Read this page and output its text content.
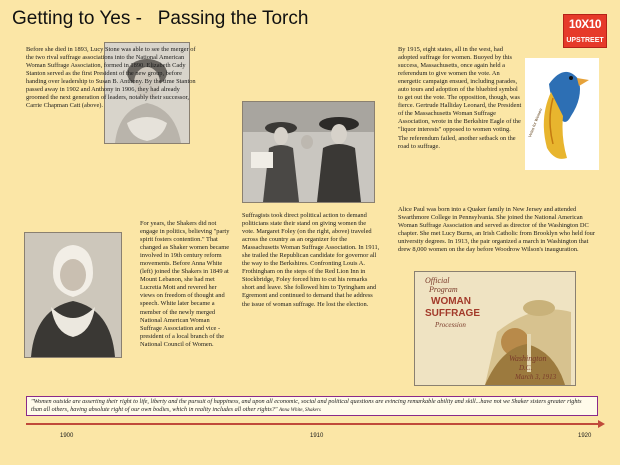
Getting to Yes -   Passing the Torch	10X10
UPSTREET
Before she died in 1893, Lucy Stone was able to see the merger of the two rival suffrage associations into the National American Woman Suffrage Association, formed in 1890. Elizabeth Cady Stanton served as the first President of the new group, before handing over leadership to Susan B. Anthony. By the time Stanton passed away in 1902 and Anthony in 1906, they had already groomed the next generation of leaders, notably their successor, Carrie Chapman Catt (above).
Votes for Women
By 1915, eight states, all in the west, had adopted suffrage for women. Buoyed by this success, Massachusetts, once again held a referendum to give women the vote. An energetic campaign ensued, including parades, auto tours and adoption of the bluebird symbol to get out the vote. The opposition, though, was fierce. Gertrude Halliday Leonard, the President of the Massachusetts Woman Suffrage Association, wrote in the Berkshire Eagle of the "liquor interests" opposed to women voting. The referendum failed, another setback on the road to suffrage.
For years, the Shakers did not engage in politics, believing "party spirit fosters contention." That changed as Shaker women became involved in 19th century reform movements. Before Anna White (left) joined the Shakers in 1849 at Mount Lebanon, she had met Lucretia Mott and revered her views on freedom of thought and speech. White later became a member of the newly merged National American Woman Suffrage Association and vice -president of a local branch of the National Council of Women.
Suffragists took direct political action to demand politicians state their stand on giving women the vote. Margaret Foley (on the right, above) traveled across the country as an organizer for the Massachusetts Woman Suffrage Association. In 1911, she trailed the Republican candidate for governor all the way to the Berkshires. Confronting Louis A. Frothingham on the steps of the Red Lion Inn in Stockbridge, Foley forced him to cut his remarks short and leave. She followed him to Tyringham and Egremont and continued to demand that he address the issue of woman suffrage. He lost the election.
Alice Paul was born into a Quaker family in New Jersey and attended Swarthmore College in Pennsylvania. She joined the National American Woman Suffrage Association and served as director of the Washington DC chapter. She met Lucy Burns, an Irish Catholic from Brooklyn who held four university degrees. In 1913, the pair organized a march in Washington that drew 8,000 women on the day before Woodrow Wilson's inauguration.
Official
Program
WOMAN
SUFFRAGE
Procession
Washington
D.C.
March 3, 1913
"Women outside are asserting their right to life, liberty and the pursuit of happiness, and upon all economic, social and political questions are evincing remarkable ability and skill...have not we Shaker sisters greater rights than all others, having absolute right of our own bodies, which in reality includes all other rights?" Anna White, Shakers
1900	1910	1920
